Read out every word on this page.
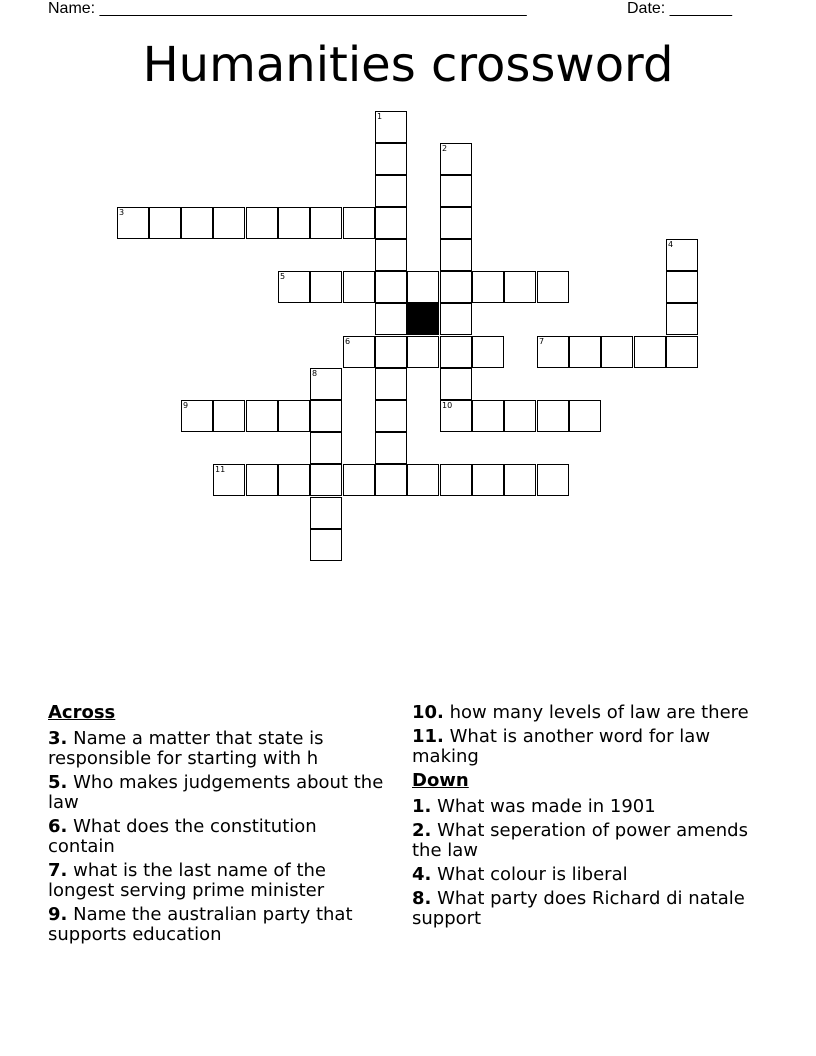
Name: ________________________________________________	Date: _______
Humanities crossword
1
2
3
4
5
6	7
8
9	10
11
Across
3. Name a matter that state is responsible for starting with h
5. Who makes judgements about the law
6. What does the constitution contain
7. what is the last name of the longest serving prime minister
9. Name the australian party that supports education
10. how many levels of law are there
11. What is another word for law making
Down
1. What was made in 1901
2. What seperation of power amends the law
4. What colour is liberal
8. What party does Richard di natale support
